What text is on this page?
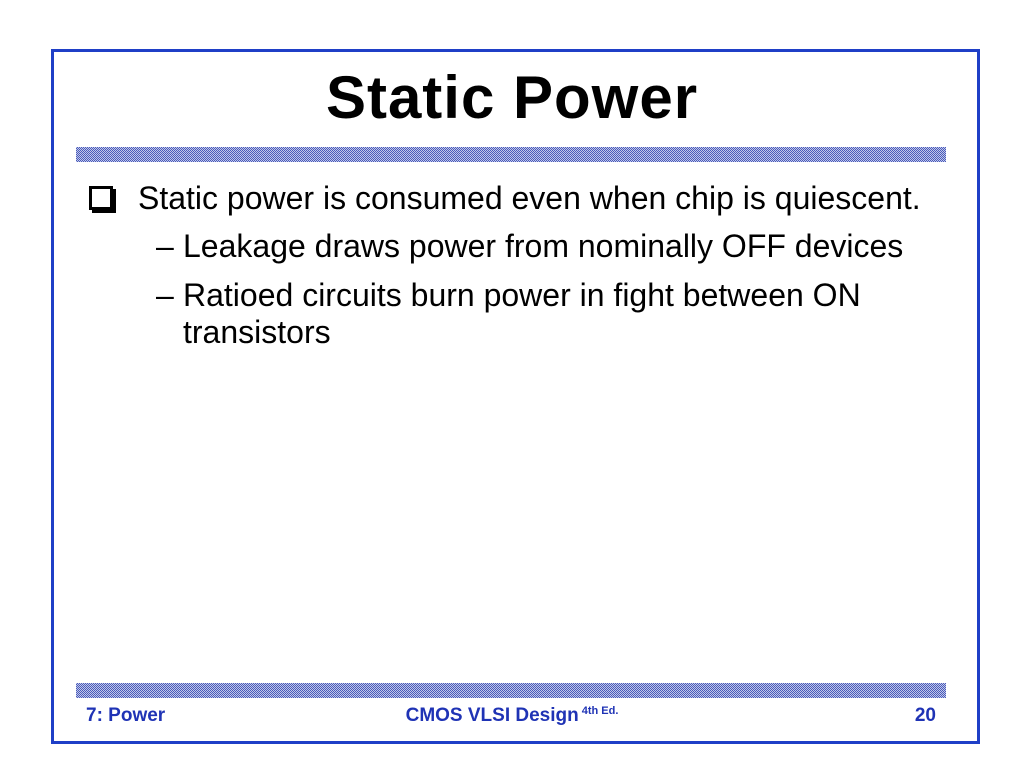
Static Power

Static power is consumed even when chip is quiescent.

– Leakage draws power from nominally OFF devices

– Ratioed circuits burn power in fight between ON transistors

7: Power	CMOS VLSI Design $^{4th Ed.}$	20
